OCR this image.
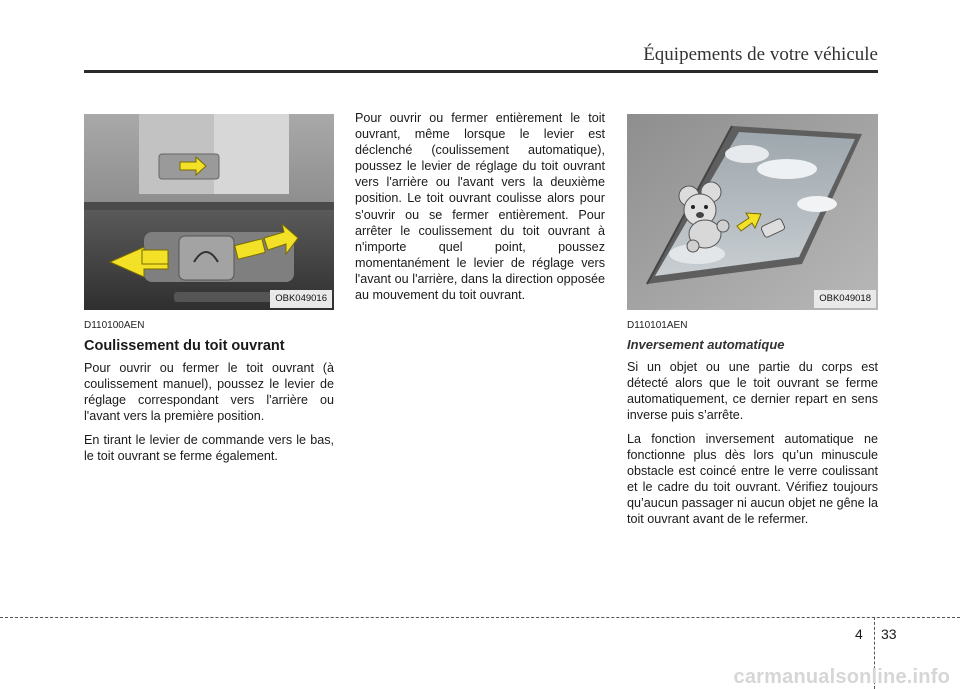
Équipements de votre véhicule
OBK049016
D110100AEN
Coulissement du toit ouvrant

Pour ouvrir ou fermer le toit ouvrant (à coulissement manuel), poussez le levier de réglage correspondant vers l'arrière ou l'avant vers la première position.

En tirant le levier de commande vers le bas, le toit ouvrant se ferme également.

Pour ouvrir ou fermer entièrement le toit ouvrant, même lorsque le levier est déclenché (coulissement automatique), poussez le levier de réglage du toit ouvrant vers l'arrière ou l'avant vers la deuxième position. Le toit ouvrant coulisse alors pour s'ouvrir ou se fermer entièrement. Pour arrêter le coulissement du toit ouvrant à n'importe quel point, poussez momentanément le levier de réglage vers l'avant ou l'arrière, dans la direction opposée au mouvement du toit ouvrant.	OBK049018
D110101AEN
Inversement automatique

Si un objet ou une partie du corps est détecté alors que le toit ouvrant se ferme automatiquement, ce dernier repart en sens inverse puis s’arrête.

La fonction inversement automatique ne fonctionne plus dès lors qu’un minuscule obstacle est coincé entre le verre coulissant et le cadre du toit ouvrant. Vérifiez toujours qu’aucun passager ni aucun objet ne gêne la toit ouvrant avant de le refermer.

4 33
carmanualsonline.info
